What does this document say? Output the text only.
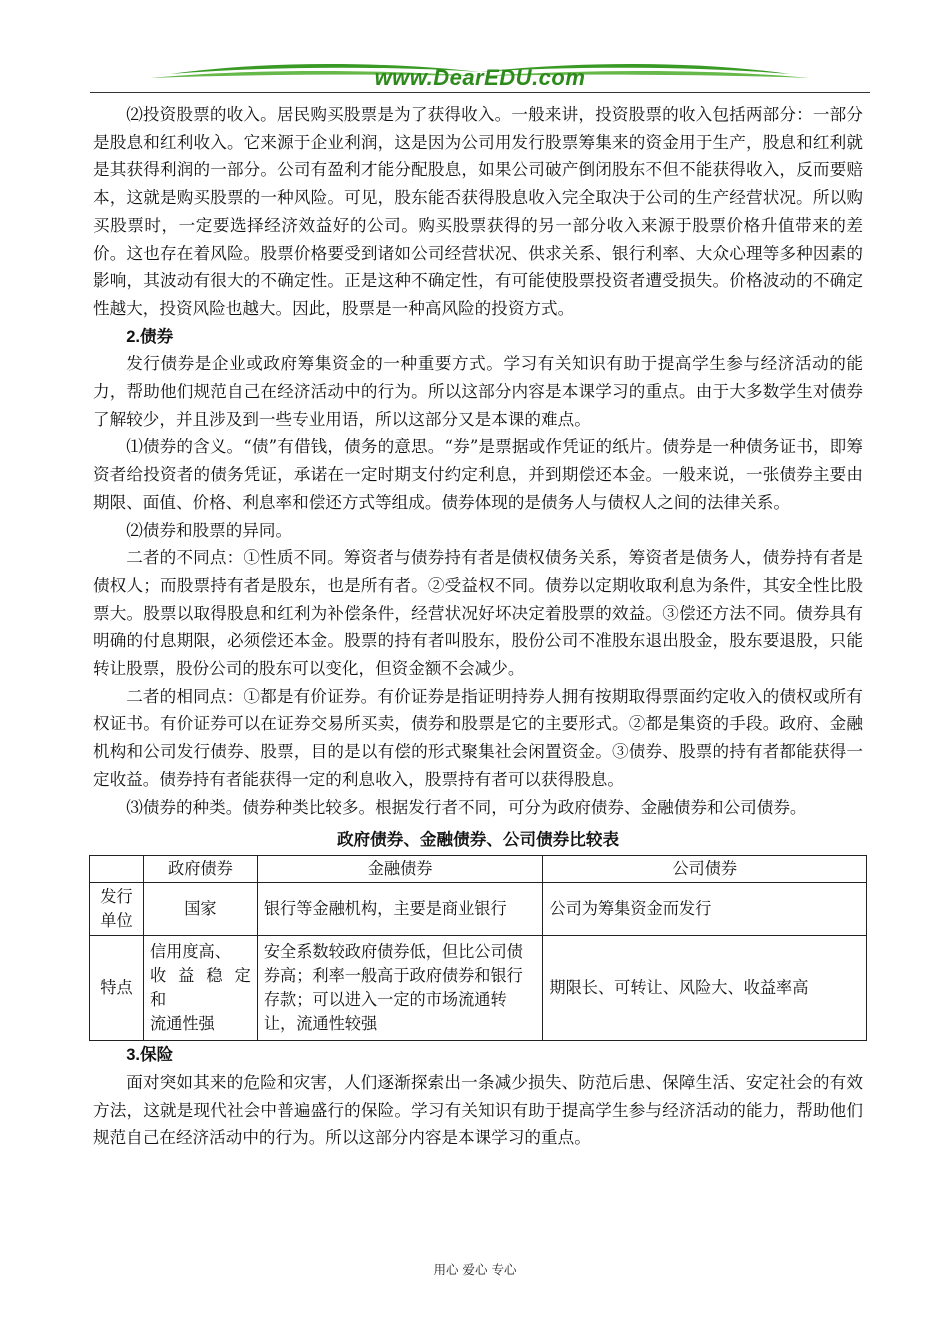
www.DearEDU.com

⑵投资股票的收入。居民购买股票是为了获得收入。一般来讲，投资股票的收入包括两部分：一部分是股息和红利收入。它来源于企业利润，这是因为公司用发行股票筹集来的资金用于生产，股息和红利就是其获得利润的一部分。公司有盈利才能分配股息，如果公司破产倒闭股东不但不能获得收入，反而要赔本，这就是购买股票的一种风险。可见，股东能否获得股息收入完全取决于公司的生产经营状况。所以购买股票时，一定要选择经济效益好的公司。购买股票获得的另一部分收入来源于股票价格升值带来的差价。这也存在着风险。股票价格要受到诸如公司经营状况、供求关系、银行利率、大众心理等多种因素的影响，其波动有很大的不确定性。正是这种不确定性，有可能使股票投资者遭受损失。价格波动的不确定性越大，投资风险也越大。因此，股票是一种高风险的投资方式。

2.债券

发行债券是企业或政府筹集资金的一种重要方式。学习有关知识有助于提高学生参与经济活动的能力，帮助他们规范自己在经济活动中的行为。所以这部分内容是本课学习的重点。由于大多数学生对债券了解较少，并且涉及到一些专业用语，所以这部分又是本课的难点。

⑴债券的含义。“债”有借钱，债务的意思。“券”是票据或作凭证的纸片。债券是一种债务证书，即筹资者给投资者的债务凭证，承诺在一定时期支付约定利息，并到期偿还本金。一般来说，一张债券主要由期限、面值、价格、利息率和偿还方式等组成。债券体现的是债务人与债权人之间的法律关系。

⑵债券和股票的异同。

二者的不同点：①性质不同。筹资者与债券持有者是债权债务关系，筹资者是债务人，债券持有者是债权人；而股票持有者是股东，也是所有者。②受益权不同。债券以定期收取利息为条件，其安全性比股票大。股票以取得股息和红利为补偿条件，经营状况好坏决定着股票的效益。③偿还方法不同。债券具有明确的付息期限，必须偿还本金。股票的持有者叫股东，股份公司不准股东退出股金，股东要退股，只能转让股票，股份公司的股东可以变化，但资金额不会减少。

二者的相同点：①都是有价证券。有价证券是指证明持券人拥有按期取得票面约定收入的债权或所有权证书。有价证券可以在证券交易所买卖，债券和股票是它的主要形式。②都是集资的手段。政府、金融机构和公司发行债券、股票，目的是以有偿的形式聚集社会闲置资金。③债券、股票的持有者都能获得一定收益。债券持有者能获得一定的利息收入，股票持有者可以获得股息。

⑶债券的种类。债券种类比较多。根据发行者不同，可分为政府债券、金融债券和公司债券。

政府债券、金融债券、公司债券比较表
	政府债券	金融债券	公司债券

发行
单位	国家	银行等金融机构，主要是商业银行	公司为筹集资金而发行
特点	信用度高、
收益稳定
和
流通性强	安全系数较政府债券低，但比公司债券高；利率一般高于政府债券和银行存款；可以进入一定的市场流通转让，流通性较强	期限长、可转让、风险大、收益率高

3.保险

面对突如其来的危险和灾害，人们逐渐探索出一条减少损失、防范后患、保障生活、安定社会的有效方法，这就是现代社会中普遍盛行的保险。学习有关知识有助于提高学生参与经济活动的能力，帮助他们规范自己在经济活动中的行为。所以这部分内容是本课学习的重点。

用心 爱心 专心
